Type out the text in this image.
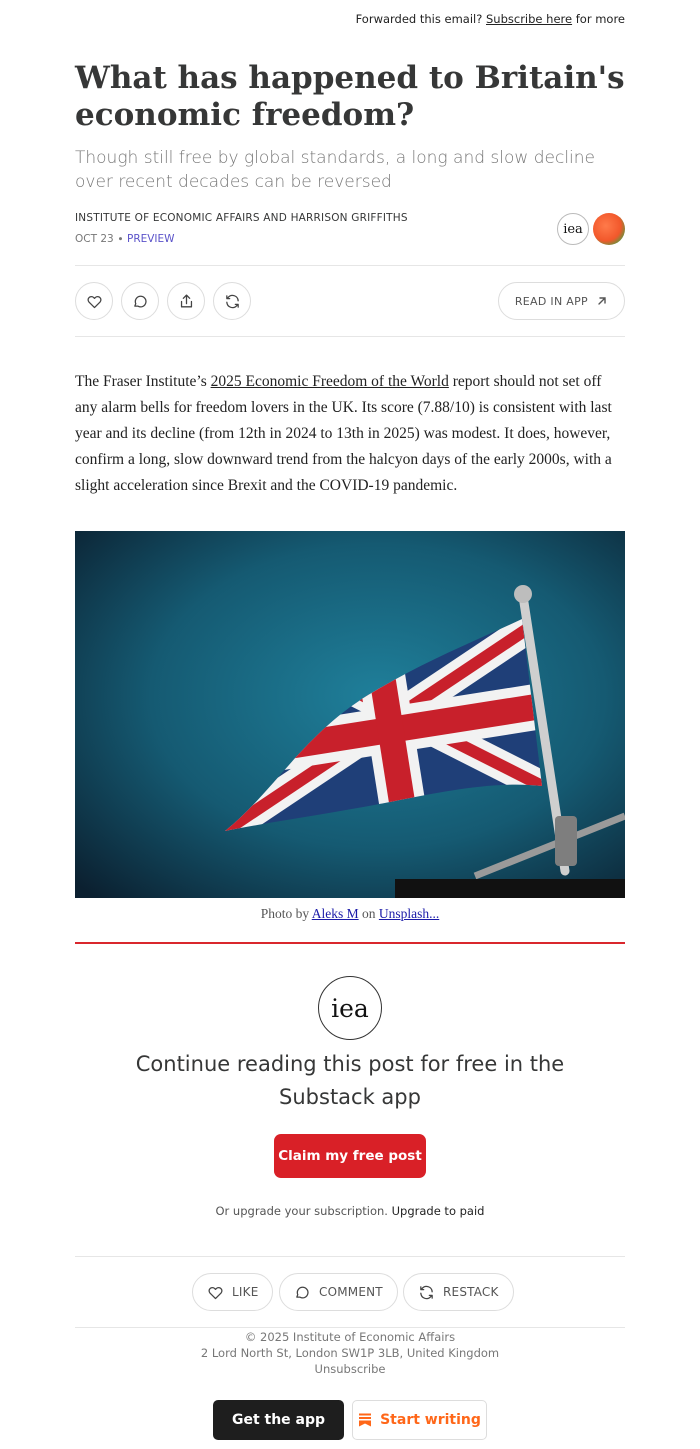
Forwarded this email? Subscribe here for more
What has happened to Britain's economic freedom?
Though still free by global standards, a long and slow decline over recent decades can be reversed
INSTITUTE OF ECONOMIC AFFAIRS AND HARRISON GRIFFITHS
OCT 23 ∙ PREVIEW
iea
READ IN APP

The Fraser Institute’s 2025 Economic Freedom of the World report should not set off any alarm bells for freedom lovers in the UK. Its score (7.88/10) is consistent with last year and its decline (from 12th in 2024 to 13th in 2025) was modest. It does, however, confirm a long, slow downward trend from the halcyon days of the early 2000s, with a slight acceleration since Brexit and the COVID-19 pandemic.

Photo by Aleks M on Unsplash...
iea
Continue reading this post for free in the Substack app
Claim my free post
Or upgrade your subscription. Upgrade to paid
LIKE	COMMENT	RESTACK
© 2025 Institute of Economic Affairs
2 Lord North St, London SW1P 3LB, United Kingdom
Unsubscribe
Get the app	Start writing
